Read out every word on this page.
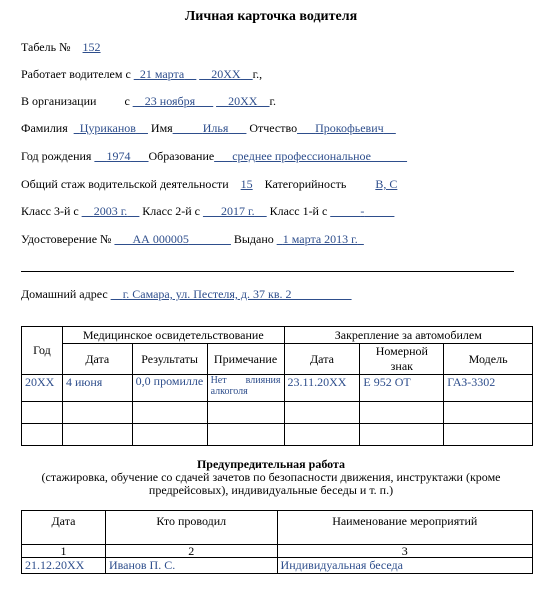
Личная карточка водителя
Табель № 152
Работает водителем с _21 марта__ __20ХХ__г.,
В организации с __23 ноября___ __20ХХ__г.
Фамилия _Цуриканов__ Имя_____Илья___ Отчество___Прокофьевич__
Год рождения __1974___Образование___среднее профессиональное______
Общий стаж водительской деятельности 15 Категорийность В, С
Класс 3-й с __2003 г.__ Класс 2-й с ___2017 г.__ Класс 1-й с _____-_____
Удостоверение № ___АА 000005_______ Выдано _1 марта 2013 г._
Домашний адрес __г. Самара, ул. Пестеля, д. 37 кв. 2__________
Год	Медицинское освидетельствование			Закрепление за автомобилем		
	Дата	Результаты	Примечание	Дата	Номерной знак	Модель
20ХХ	4 июня	0,0 промилле	Нет влияния алкоголя	23.11.20ХХ	Е 952 ОТ	ГАЗ-3302

Предупредительная работа
(стажировка, обучение со сдачей зачетов по безопасности движения, инструктажи (кроме предрейсовых), индивидуальные беседы и т. п.)
Дата	Кто проводил	Наименование мероприятий
1	2	3
21.12.20ХХ	Иванов П. С.	Индивидуальная беседа
